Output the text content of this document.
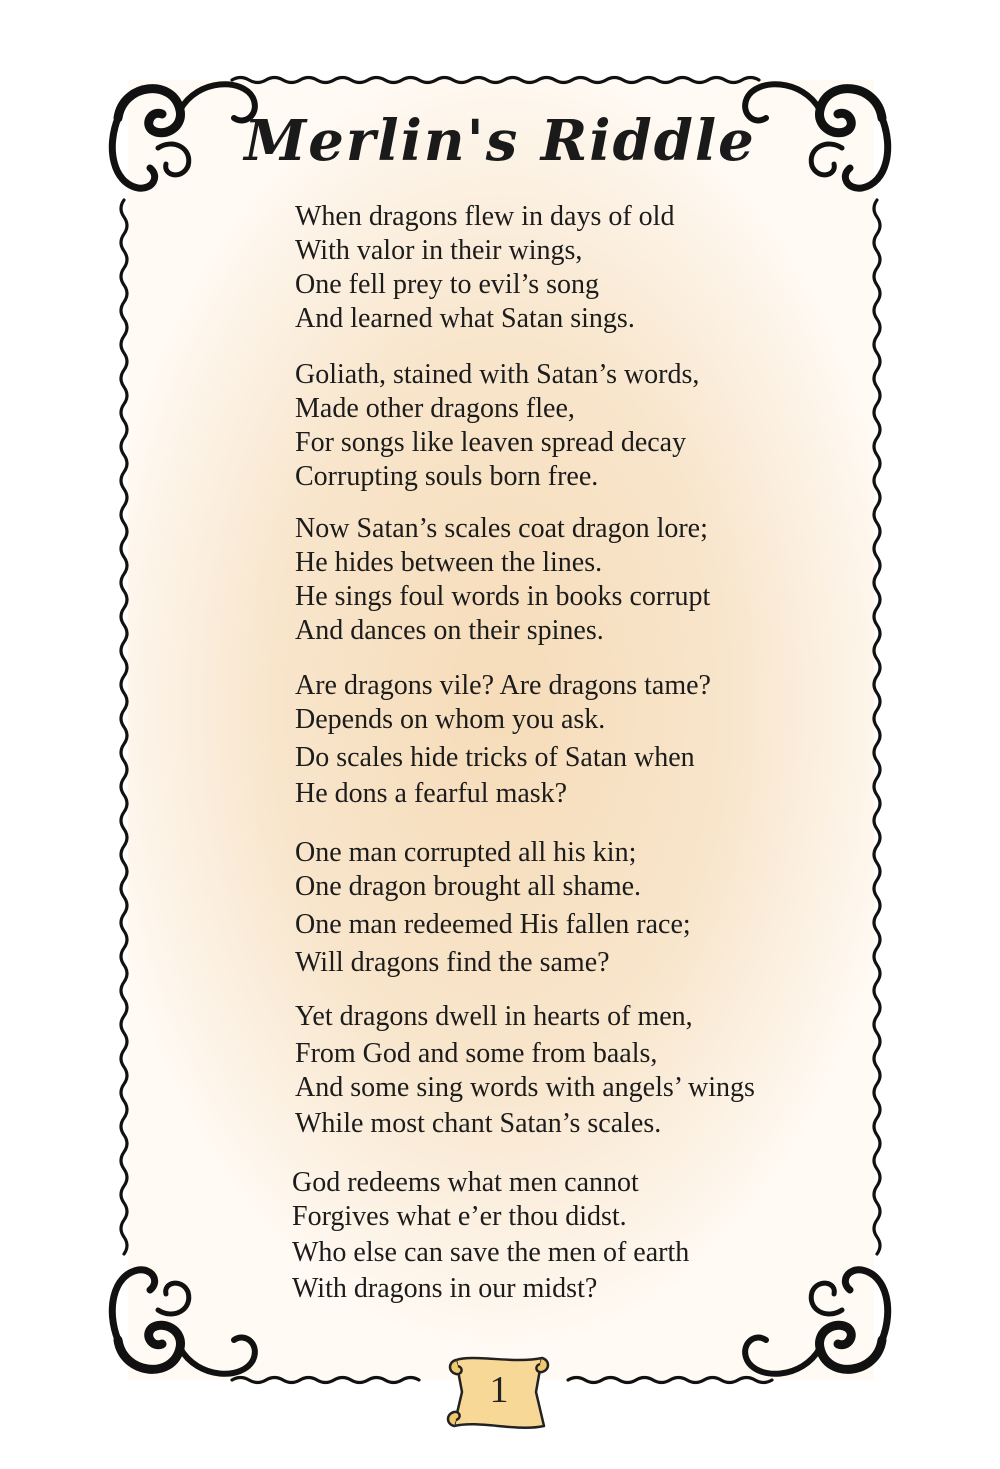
Merlin's Riddle
When dragons flew in days of old
With valor in their wings,
One fell prey to evil’s song
And learned what Satan sings.
Goliath, stained with Satan’s words,
Made other dragons flee,
For songs like leaven spread decay
Corrupting souls born free.
Now Satan’s scales coat dragon lore;
He hides between the lines.
He sings foul words in books corrupt
And dances on their spines.
Are dragons vile? Are dragons tame?
Depends on whom you ask.
Do scales hide tricks of Satan when
He dons a fearful mask?
One man corrupted all his kin;
One dragon brought all shame.
One man redeemed His fallen race;
Will dragons find the same?
Yet dragons dwell in hearts of men,
From God and some from baals,
And some sing words with angels’ wings
While most chant Satan’s scales.
God redeems what men cannot
Forgives what e’er thou didst.
Who else can save the men of earth
With dragons in our midst?
1
